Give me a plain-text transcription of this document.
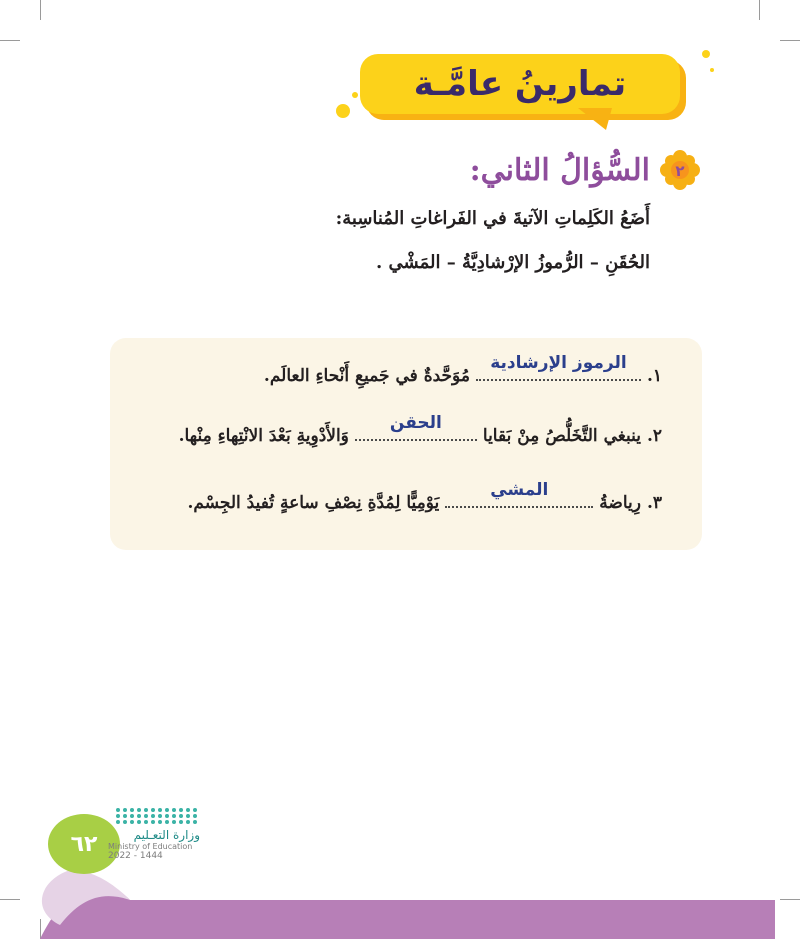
تمارينُ عامَّـة
٢
السُّؤالُ الثاني:
أَضَعُ الكَلِماتِ الآتيةَ في الفَراغاتِ المُناسِبة:
الحُقَنِ – الرُّموزُ الإرْشادِيَّةُ – المَشْي .
١.
الرموز الإرشادية
مُوَحَّدةٌ في جَميعِ أَنْحاءِ العالَم.
٢.
ينبغي التَّخَلُّصُ مِنْ بَقايا
الحقن
وَالأَدْوِيةِ بَعْدَ الانْتِهاءِ مِنْها.
٣.
رِياضةُ
المشي
يَوْمِيًّا لِمُدَّةِ نِصْفِ ساعةٍ تُفيدُ الجِسْم.
٦٢	وزارة التعـليم
Ministry of Education
2022 - 1444
